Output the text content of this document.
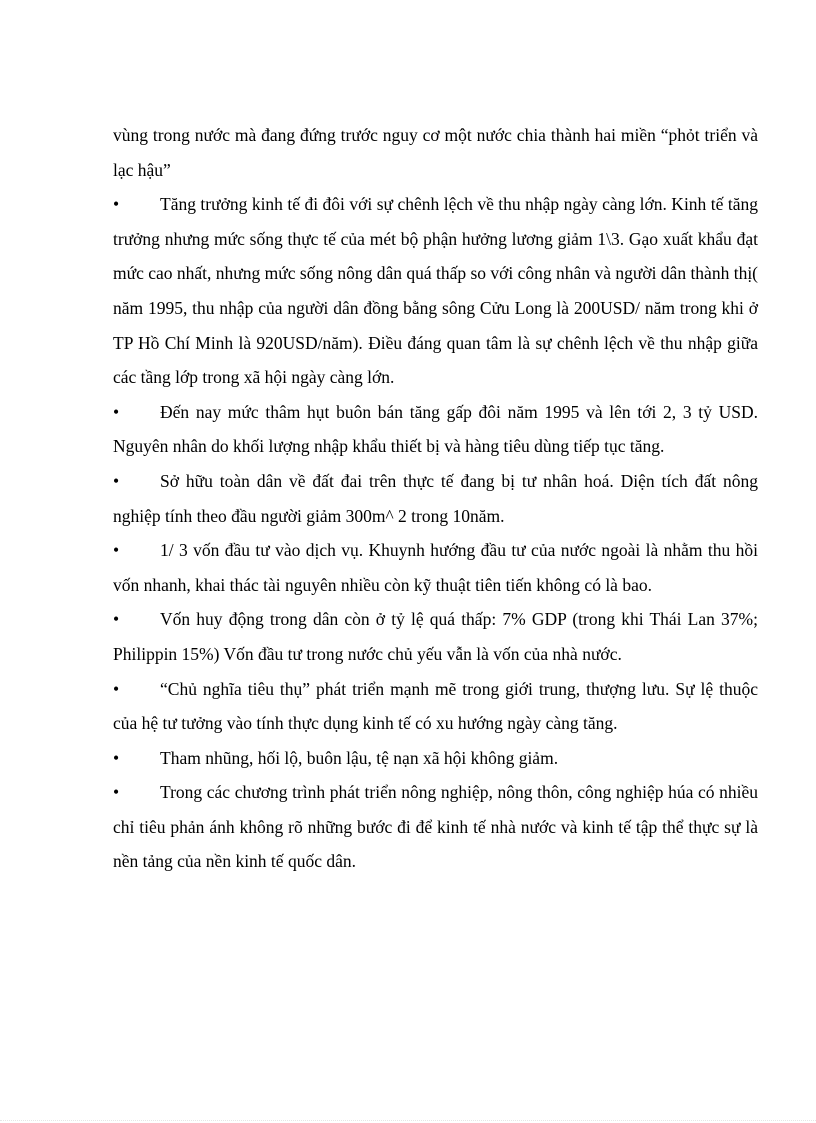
vùng trong nước mà đang đứng trước nguy cơ một nước chia thành hai miền “phỏt triển và lạc hậu”

•	Tăng trưởng kinh tế đi đôi với sự chênh lệch về thu nhập ngày càng lớn. Kinh tế tăng trưởng nhưng mức sống thực tế của mét bộ phận hưởng lương giảm 1\3. Gạo xuất khẩu đạt mức cao nhất, nhưng mức sống nông dân quá thấp so với công nhân và người dân thành thị( năm 1995, thu nhập của người dân đồng bằng sông Cửu Long là 200USD/ năm trong khi ở TP Hồ Chí Minh là 920USD/năm). Điều đáng quan tâm là sự chênh lệch về thu nhập giữa các tầng lớp trong xã hội ngày càng lớn.

•	Đến nay mức thâm hụt buôn bán tăng gấp đôi năm 1995 và lên tới 2, 3 tỷ USD. Nguyên nhân do khối lượng nhập khẩu thiết bị và hàng tiêu dùng tiếp tục tăng.

•	Sở hữu toàn dân về đất đai trên thực tế đang bị tư nhân hoá. Diện tích đất nông nghiệp tính theo đầu người giảm 300m^ 2 trong 10năm.

•	1/ 3 vốn đầu tư vào dịch vụ. Khuynh hướng đầu tư của nước ngoài là nhằm thu hồi vốn nhanh, khai thác tài nguyên nhiều còn kỹ thuật tiên tiến không có là bao.

•	Vốn huy động trong dân còn ở tỷ lệ quá thấp: 7% GDP (trong khi Thái Lan 37%; Philippin 15%) Vốn đầu tư trong nước chủ yếu vẫn là vốn của nhà nước.

•	“Chủ nghĩa tiêu thụ” phát triển mạnh mẽ trong giới trung, thượng lưu. Sự lệ thuộc của hệ tư tưởng vào tính thực dụng kinh tế có xu hướng ngày càng tăng.

•	Tham nhũng, hối lộ, buôn lậu, tệ nạn xã hội không giảm.

•	Trong các chương trình phát triển nông nghiệp, nông thôn, công nghiệp húa có nhiều chỉ tiêu phản ánh không rõ những bước đi để kinh tế nhà nước và kinh tế tập thể thực sự là nền tảng của nền kinh tế quốc dân.
